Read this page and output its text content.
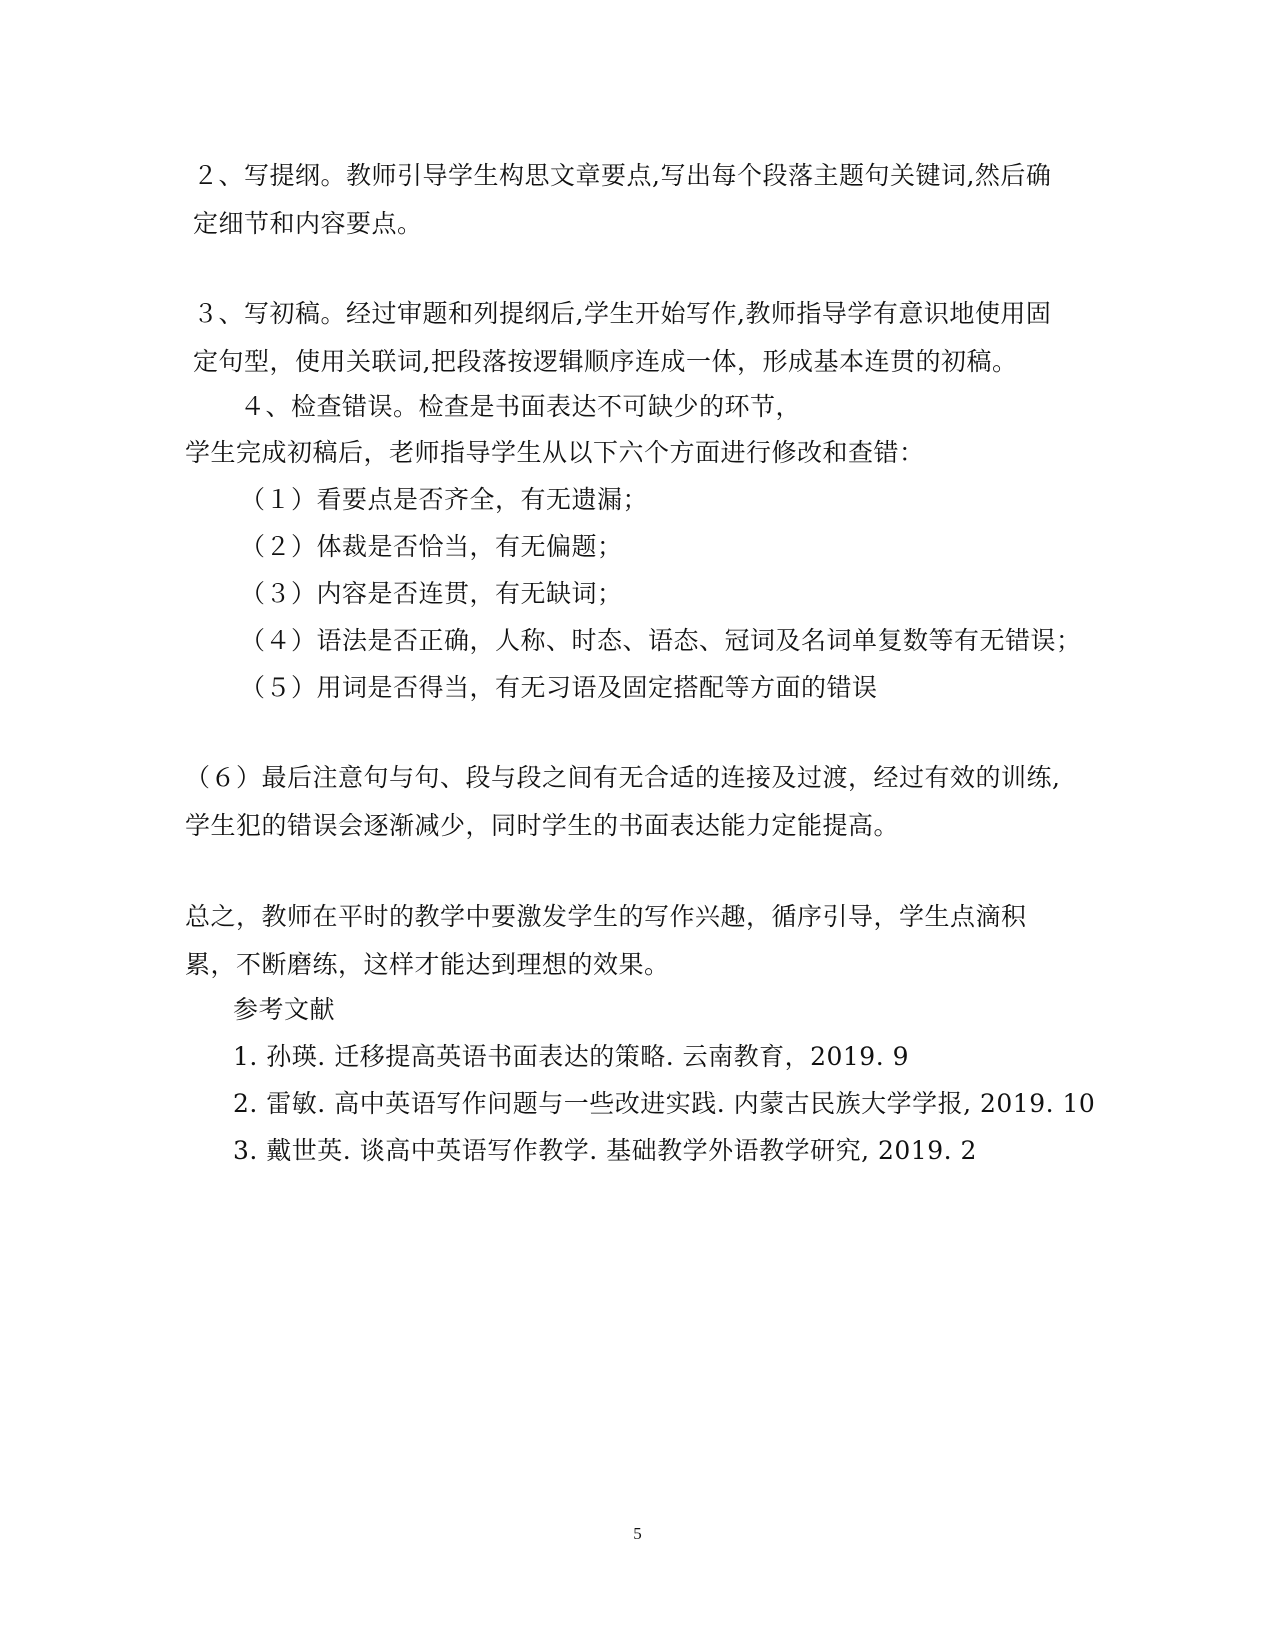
２、写提纲。教师引导学生构思文章要点,写出每个段落主题句关键词,然后确定细节和内容要点。

３、写初稿。经过审题和列提纲后,学生开始写作,教师指导学有意识地使用固定句型，使用关联词,把段落按逻辑顺序连成一体，形成基本连贯的初稿。

４、检查错误。检查是书面表达不可缺少的环节，
学生完成初稿后，老师指导学生从以下六个方面进行修改和查错：
（１）看要点是否齐全，有无遗漏；
（２）体裁是否恰当，有无偏题；
（３）内容是否连贯，有无缺词；
（４）语法是否正确，人称、时态、语态、冠词及名词单复数等有无错误；
（５）用词是否得当，有无习语及固定搭配等方面的错误

（６）最后注意句与句、段与段之间有无合适的连接及过渡，经过有效的训练,学生犯的错误会逐渐减少，同时学生的书面表达能力定能提高。

总之，教师在平时的教学中要激发学生的写作兴趣，循序引导，学生点滴积累，不断磨练，这样才能达到理想的效果。

参考文献
1. 孙瑛. 迁移提高英语书面表达的策略. 云南教育，2019. 9
2. 雷敏. 高中英语写作问题与一些改进实践. 内蒙古民族大学学报, 2019. 10
3. 戴世英. 谈高中英语写作教学. 基础教学外语教学研究, 2019. 2
5
